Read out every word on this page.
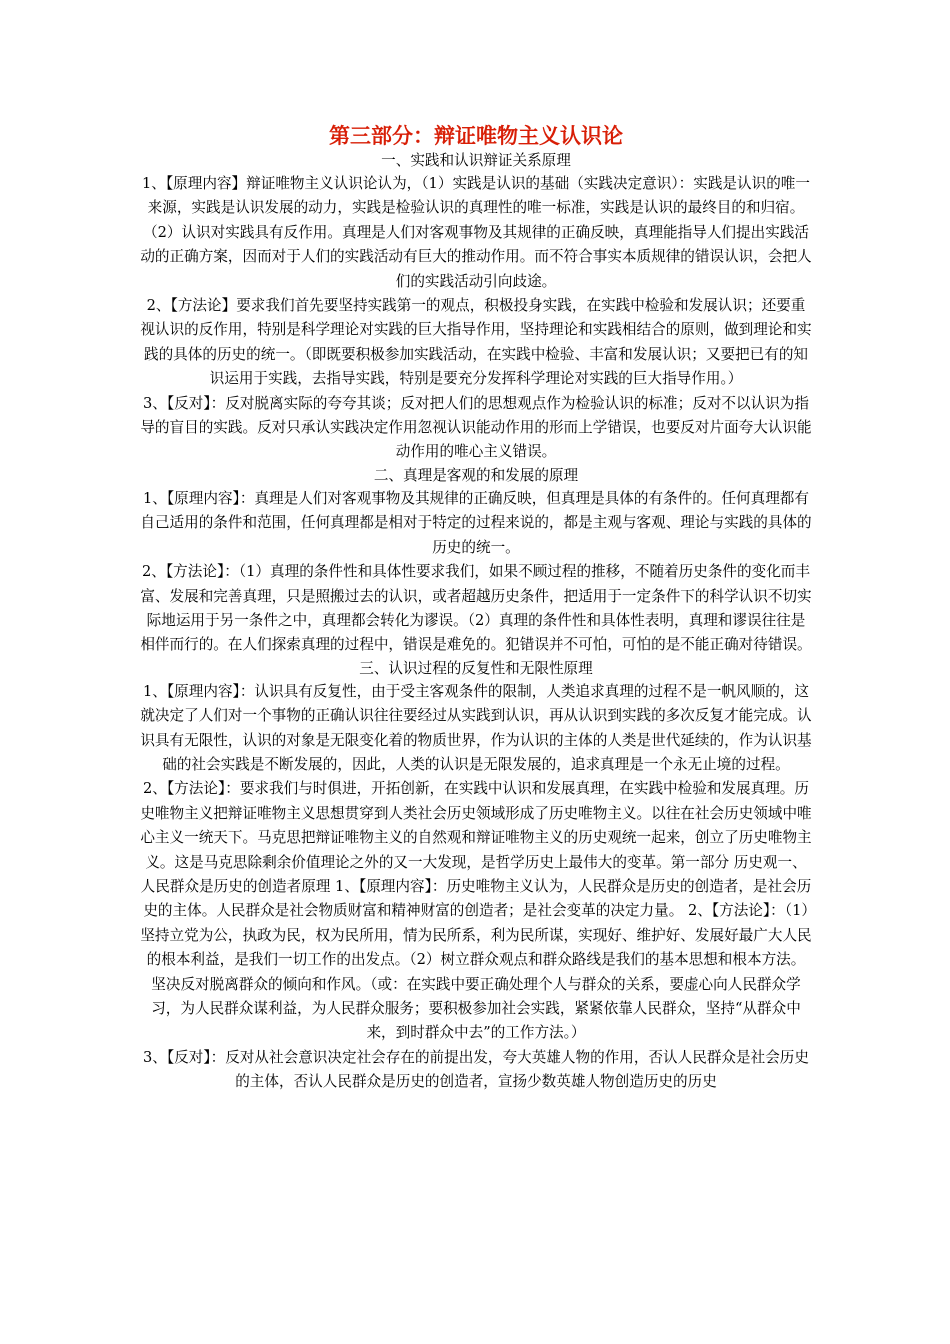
第三部分：辩证唯物主义认识论

一、实践和认识辩证关系原理

1、【原理内容】辩证唯物主义认识论认为，（1）实践是认识的基础（实践决定意识）：实践是认识的唯一来源，实践是认识发展的动力，实践是检验认识的真理性的唯一标准，实践是认识的最终目的和归宿。（2）认识对实践具有反作用。真理是人们对客观事物及其规律的正确反映，真理能指导人们提出实践活动的正确方案，因而对于人们的实践活动有巨大的推动作用。而不符合事实本质规律的错误认识，会把人们的实践活动引向歧途。

2、【方法论】要求我们首先要坚持实践第一的观点，积极投身实践，在实践中检验和发展认识；还要重视认识的反作用，特别是科学理论对实践的巨大指导作用，坚持理论和实践相结合的原则，做到理论和实践的具体的历史的统一。（即既要积极参加实践活动，在实践中检验、丰富和发展认识；又要把已有的知识运用于实践，去指导实践，特别是要充分发挥科学理论对实践的巨大指导作用。）

3、【反对】：反对脱离实际的夸夸其谈；反对把人们的思想观点作为检验认识的标准；反对不以认识为指导的盲目的实践。反对只承认实践决定作用忽视认识能动作用的形而上学错误，也要反对片面夸大认识能动作用的唯心主义错误。

二、真理是客观的和发展的原理

1、【原理内容】：真理是人们对客观事物及其规律的正确反映，但真理是具体的有条件的。任何真理都有自己适用的条件和范围，任何真理都是相对于特定的过程来说的，都是主观与客观、理论与实践的具体的历史的统一。

2、【方法论】：（1）真理的条件性和具体性要求我们，如果不顾过程的推移，不随着历史条件的变化而丰富、发展和完善真理，只是照搬过去的认识，或者超越历史条件，把适用于一定条件下的科学认识不切实际地运用于另一条件之中，真理都会转化为谬误。（2）真理的条件性和具体性表明，真理和谬误往往是相伴而行的。在人们探索真理的过程中，错误是难免的。犯错误并不可怕，可怕的是不能正确对待错误。

三、认识过程的反复性和无限性原理

1、【原理内容】：认识具有反复性，由于受主客观条件的限制，人类追求真理的过程不是一帆风顺的，这就决定了人们对一个事物的正确认识往往要经过从实践到认识，再从认识到实践的多次反复才能完成。认识具有无限性，认识的对象是无限变化着的物质世界，作为认识的主体的人类是世代延续的，作为认识基础的社会实践是不断发展的，因此，人类的认识是无限发展的，追求真理是一个永无止境的过程。

2、【方法论】：要求我们与时俱进，开拓创新，在实践中认识和发展真理，在实践中检验和发展真理。历史唯物主义把辩证唯物主义思想贯穿到人类社会历史领域形成了历史唯物主义。以往在社会历史领域中唯心主义一统天下。马克思把辩证唯物主义的自然观和辩证唯物主义的历史观统一起来，创立了历史唯物主义。这是马克思除剩余价值理论之外的又一大发现，是哲学历史上最伟大的变革。第一部分 历史观一、人民群众是历史的创造者原理 1、【原理内容】：历史唯物主义认为，人民群众是历史的创造者，是社会历史的主体。人民群众是社会物质财富和精神财富的创造者；是社会变革的决定力量。 2、【方法论】：（1）坚持立党为公，执政为民，权为民所用，情为民所系，利为民所谋，实现好、维护好、发展好最广大人民的根本利益，是我们一切工作的出发点。（2）树立群众观点和群众路线是我们的基本思想和根本方法。坚决反对脱离群众的倾向和作风。（或：在实践中要正确处理个人与群众的关系，要虚心向人民群众学习，为人民群众谋利益，为人民群众服务；要积极参加社会实践，紧紧依靠人民群众，坚持“从群众中来，到时群众中去”的工作方法。）

3、【反对】：反对从社会意识决定社会存在的前提出发，夸大英雄人物的作用，否认人民群众是社会历史的主体，否认人民群众是历史的创造者，宣扬少数英雄人物创造历史的历史
